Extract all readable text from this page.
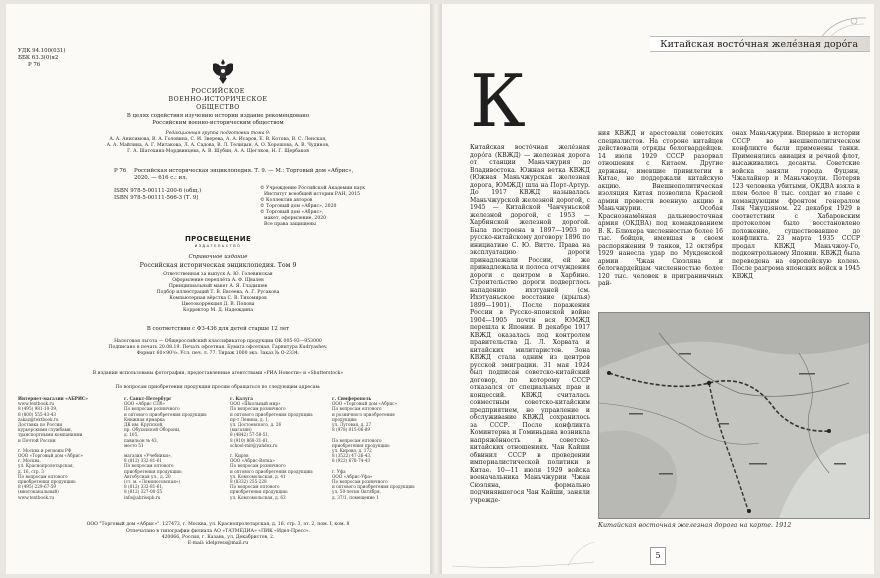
УДК 94.100(031)
ББК 63.3(0)я2
Р 76
РОССИЙСКОЕ
ВОЕННО-ИСТОРИЧЕСКОЕ
ОБЩЕСТВО
В целях содействия изучению истории издание рекомендовано
Российским военно-историческим обществом
Редакционная группа подготовки тома 9:
А. А. Анисимова, В. А. Головина, С. И. Зверева, А. А. Исаров, Е. В. Котова, В. С. Ленская,
А. А. Майлина, А. Г. Митакова, Л. А. Садова, В. Л. Телицын, А. О. Хорошова, А. В. Чудинов,
Г. А. Шатохина-Мордвинцева, А. В. Шубин, А. А. Щеглков, Н. Г. Щербаков
Р 76 Российская историческая энциклопедия. Т. 9. — М.: Торговый дом «Абрис»,
2020. — 616 с.: ил.
ISBN 978-5-00111-200-6 (общ.)
ISBN 978-5-00111-566-3 (Т. 9)
© Учреждение Российской Академии наук
Институт всеобщей истории РАН, 2015
© Коллектив авторов
© Торговый дом «Абрис», 2020
© Торговый дом «Абрис»,
макет, оформление, 2020
Все права защищены
ПРОСВЕЩЕНИЕ
ИЗДАТЕЛЬСТВО
Справочное издание
Российская историческая энциклопедия. Том 9
Ответственная за выпуск А. Ю. Голевинская
Оформление переплёта А. Ф. Щвалев
Принципиальный макет А. Я. Гладышев
Подбор иллюстраций Т. В. Евсеева, А. Г. Русакова
Компьютерная вёрстка С. В. Тихомиров
Цветокоррекция Д. В. Попова
Корректор М. Д. Надеждина
В соответствии с ФЗ-436 для детей старше 12 лет
Налоговая льгота — Общероссийский классификатор продукции ОК 005-93—953000
Подписано в печать 20.08.19. Печать офсетная. Бумага офсетная. Гарнитура Kudryashev.
Формат 60×90¹/₈. Усл. печ. л. 77. Тираж 1000 экз. Заказ № О-2334.
В издании использованы фотографии, предоставленные агентствами «РИА Новости» и «Shutterstock»
По вопросам приобретения продукции просим обращаться по следующим адресам:
Интернет-магазин «АБРИС»
www.textbook.ru
8 (495) 981-10-39,
8 (800) 555-43-43
zakaz@textbook.ru
Доставка по России
курьерскими службами,
транспортными компаниями
и Почтой России
г. Москва и регионы РФ
ООО «Торговый дом «Абрис»
г. Москва,
ул. Краснопролетарская,
д. 16, стр. 3
По вопросам оптового
приобретения продукции:
8 (495) 229-67-59
(многоканальный)
www.textbook.ru
г. Санкт-Петербург
ООО «Абрис СПб»
По вопросам розничного
и оптового приобретения продукции:
Книжная ярмарка
ДК им. Крупской,
пр. Обуховской Обороны,
д. 105,
павильон № 43,
место 51
магазин «Учебники»,
8 (812) 332-81-61
По вопросам оптового
приобретения продукции:
Автобусная ул., д. 20
(ст. м. «Ломоносовская»)
8 (812) 332-81-61,
8 (812) 327-00-55
info@abrisspb.ru
г. Калуга
ООО «Школьный мир»
По вопросам розничного
и оптового приобретения продукции:
пр-т Ленина, д. 1,
ул. Достоевского, д. 26
(магазин)
8 (4842) 57-58-51,
8 (910) 868-31-81,
school-mir@yandex.ru
г. Киров
ООО «Абрис-Вятка»
По вопросам розничного
и оптового приобретения продукции:
ул. Комсомольская, д. 41
8 (8332) 255-228
По вопросам оптового
приобретения продукции:
ул. Комсомольская, д. 63
г. Симферополь
ООО «Торговый дом «Абрис»
По вопросам оптового
и розничного приобретения
продукции:
ул. Луговая, д. 27
8 (978) 015-06-89
По вопросам оптового
приобретения продукции:
ул. Кирова, д. 172
8 (3522) 47-26-43,
8 (922) 678-74-43
г. Уфа
ООО «Абрис-Уфа»
По вопросам розничного
и оптового приобретения продукции:
ул. 50-летия Октября,
д. 37/1, помещение 1
ООО "Торговый дом «Абрис»". 127473, г. Москва, ул. Краснопролетарская, д. 16, стр. 3, эт. 2, пом. I, ком. 8
Отпечатано в типографии филиала АО «ТАТМЕДИА» «ПИК «Идел-Пресс».
420066, Россия, г. Казань, ул. Декабристов, 2.
E-mail: idelpress@mail.ru
Китайская восто́чная желе́зная доро́га
К

Китайская восто́чная желе́зная доро́га (КВЖД) — железная дорога от станции Маньчжурия до Владивостока. Южная ветка КВЖД (Южная Маньчжурская железная дорога, ЮМЖД) шла на Порт-Артур. До 1917 КВЖД называлась Маньчжурской железной дорогой, с 1945 — Китайской Чанчуньской железной дорогой, с 1953 — Харбинской железной дорогой. Была построена в 1897—1903 по русско-китайскому договору 1896 по инициативе С. Ю. Витте. Права на эксплуатацию дороги принадлежали России, ей же принадлежала и полоса отчуждения дороги с центром в Харбине. Строительство дороги подверглось нападению ихэтуаней (см. Ихэтуаньское восстание (крылья) 1899—1901). После поражения России в Русско-японской войне 1904—1905 почти вся ЮМЖД перешла к Японии. В декабре 1917 КВЖД оказалась под контролем правительства Д. Л. Хорвата и китайских милитаристов. Зона КВЖД стала одним из центров русской эмиграции. 31 мая 1924 был подписан советско-китайский договор, по которому СССР отказался от специальных прав и концессий. КВЖД считалась совместным советско-китайским предприятием, но управление и обслуживание КВЖД сохранилось за СССР. После конфликта Коминтерна и Гоминьдана возникла напряжённость в советско-китайских отношениях. Чан Кайши обвинил СССР в проведении империалистической политики в Китае. 10—11 июля 1929 войска военачальника Маньчжурии Чжан Сюэляна, формально подчинявшегося Чан Кайши, заняли учрежде-

ния КВЖД и арестовали советских специалистов. На стороне китайцев действовали отряды белогвардейцев. 14 июля 1929 СССР разорвал отношения с Китаем. Другие державы, имевшие привилегии в Китае, не поддержали китайскую акцию. Внешнеполитическая изоляция Китая позволила Красной армии провести военную акцию в Маньчжурии. Особая Краснознамённая дальневосточная армия (ОКДВА) под командованием В. К. Блюхера численностью более 16 тыс. бойцов, имевшая в своем распоряжении 9 танков, 12 октября 1929 нанесла удар по Мукденской армии Чжан Сюэляна и белогвардейцам численностью более 120 тыс. человек в пригранинчных рай-

онах Маньчжурии. Впервые в истории СССР во внешнеполитическом конфликте были применены танки. Применялись авиация и речной флот, высаживались десанты. Советские войска заняли города Фуцзин, Чжалайнор и Маньчжоули. Потеряв 123 человека убитыми, ОКДВА взяла в плен более 8 тыс. солдат во главе с командующим фронтом генералом Лян Чжуцзяном. 22 декабря 1929 в соответствии с Хабаровским протоколом было восстановлено положение, существовавшее до конфликта. 23 марта 1935 СССР продал КВЖД Маньчжоу-Го, подконтрольному Японии. КВЖД была переведена на европейскую колею. После разгрома японских войск в 1945 КВЖД

Китайская восточная железная дорога на карте. 1912
5
